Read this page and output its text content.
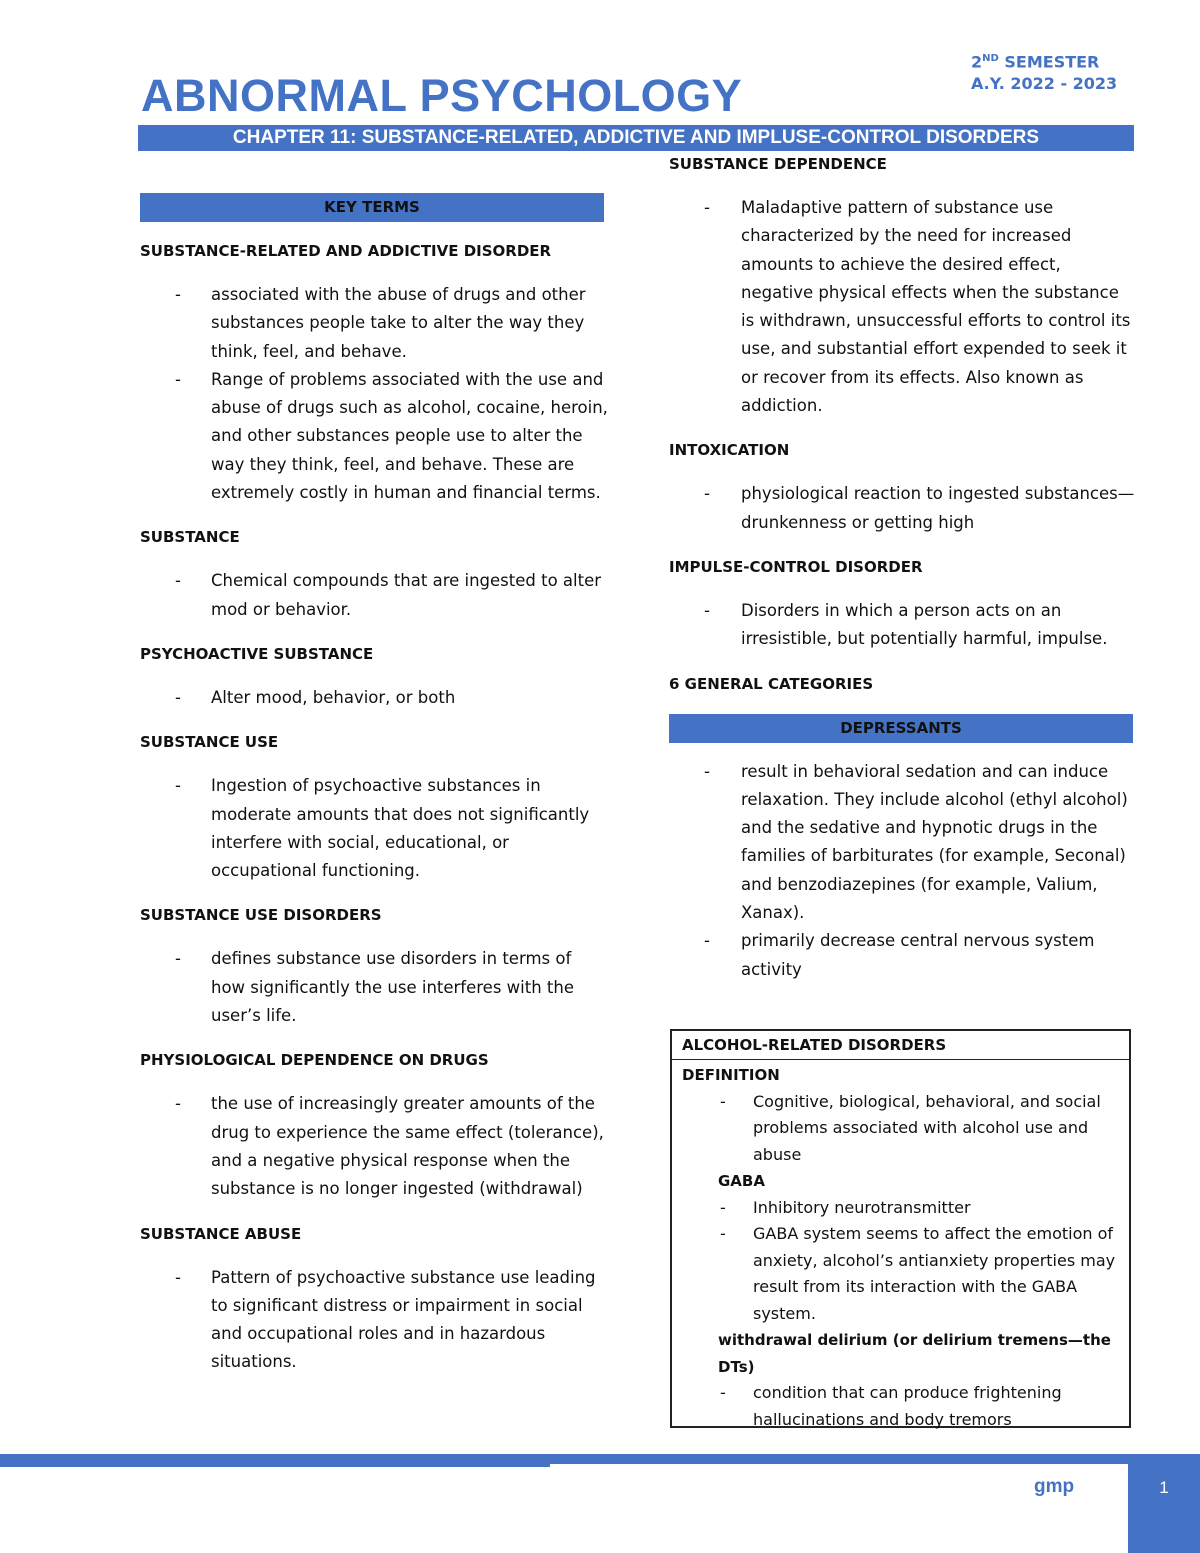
ABNORMAL PSYCHOLOGY
2ND SEMESTER
A.Y. 2022 - 2023
CHAPTER 11: SUBSTANCE-RELATED, ADDICTIVE AND IMPLUSE-CONTROL DISORDERS
KEY TERMS
SUBSTANCE-RELATED AND ADDICTIVE DISORDER
- associated with the abuse of drugs and other substances people take to alter the way they think, feel, and behave.
- Range of problems associated with the use and abuse of drugs such as alcohol, cocaine, heroin, and other substances people use to alter the way they think, feel, and behave. These are extremely costly in human and financial terms.
SUBSTANCE
- Chemical compounds that are ingested to alter mod or behavior.
PSYCHOACTIVE SUBSTANCE
- Alter mood, behavior, or both
SUBSTANCE USE
- Ingestion of psychoactive substances in moderate amounts that does not significantly interfere with social, educational, or occupational functioning.
SUBSTANCE USE DISORDERS
- defines substance use disorders in terms of how significantly the use interferes with the user’s life.
PHYSIOLOGICAL DEPENDENCE ON DRUGS
- the use of increasingly greater amounts of the drug to experience the same effect (tolerance), and a negative physical response when the substance is no longer ingested (withdrawal)
SUBSTANCE ABUSE
- Pattern of psychoactive substance use leading to significant distress or impairment in social and occupational roles and in hazardous situations.
SUBSTANCE DEPENDENCE
- Maladaptive pattern of substance use characterized by the need for increased amounts to achieve the desired effect, negative physical effects when the substance is withdrawn, unsuccessful efforts to control its use, and substantial effort expended to seek it or recover from its effects. Also known as addiction.
INTOXICATION
- physiological reaction to ingested substances—drunkenness or getting high
IMPULSE-CONTROL DISORDER
- Disorders in which a person acts on an irresistible, but potentially harmful, impulse.
6 GENERAL CATEGORIES
DEPRESSANTS
- result in behavioral sedation and can induce relaxation. They include alcohol (ethyl alcohol) and the sedative and hypnotic drugs in the families of barbiturates (for example, Seconal) and benzodiazepines (for example, Valium, Xanax).
- primarily decrease central nervous system activity
ALCOHOL-RELATED DISORDERS
DEFINITION
- Cognitive, biological, behavioral, and social problems associated with alcohol use and abuse
GABA
- Inhibitory neurotransmitter
- GABA system seems to affect the emotion of anxiety, alcohol’s antianxiety properties may result from its interaction with the GABA system.
withdrawal delirium (or delirium tremens—the DTs)
- condition that can produce frightening hallucinations and body tremors
gmp	1
